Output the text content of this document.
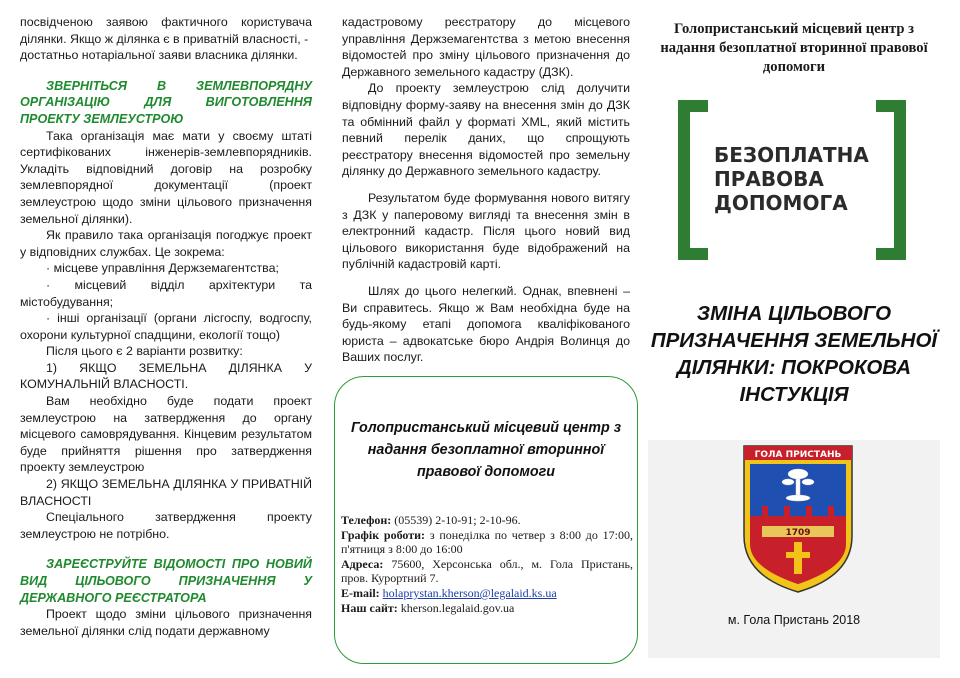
посвідченою заявою фактичного користувача

ділянки. Якщо ж ділянка є в приватній власності, -

достатньо нотаріальної заяви власника ділянки.

ЗВЕРНІТЬСЯ В ЗЕМЛЕВПОРЯДНУ ОРГАНІЗАЦІЮ ДЛЯ ВИГОТОВЛЕННЯ ПРОЕКТУ ЗЕМЛЕУСТРОЮ

Така організація має мати у своєму штаті сертифікованих інженерів-землевпорядників. Укладіть відповідний договір на розробку землевпорядної документації (проект землеустрою щодо зміни цільового призначення земельної ділянки).

Як правило така організація погоджує проект у відповідних службах. Це зокрема:

· місцеве управління Держземагентства;

· місцевий відділ архітектури та містобудування;

· інші організації (органи лісгоспу, водгоспу, охорони культурної спадщини, екології тощо)

Після цього є 2 варіанти розвитку:

1) ЯКЩО ЗЕМЕЛЬНА ДІЛЯНКА У КОМУНАЛЬНІЙ ВЛАСНОСТІ.

Вам необхідно буде подати проект землеустрою на затвердження до органу місцевого самоврядування. Кінцевим результатом буде прийняття рішення про затвердження проекту землеустрою

2) ЯКЩО ЗЕМЕЛЬНА ДІЛЯНКА У ПРИВАТНІЙ ВЛАСНОСТІ

Спеціального затвердження проекту землеустрою не потрібно.

ЗАРЕЄСТРУЙТЕ ВІДОМОСТІ ПРО НОВИЙ ВИД ЦІЛЬОВОГО ПРИЗНАЧЕННЯ У ДЕРЖАВНОГО РЕЄСТРАТОРА

Проект щодо зміни цільового призначення земельної ділянки слід подати державному

кадастровому реєстратору до місцевого управління Держземагентства з метою внесення відомостей про зміну цільового призначення до Державного земельного кадастру (ДЗК).

До проекту землеустрою слід долучити відповідну форму-заяву на внесення змін до ДЗК та обмінний файл у форматі XML, який містить певний перелік даних, що спрощують реєстратору внесення відомостей про земельну ділянку до Державного земельного кадастру.

Результатом буде формування нового витягу з ДЗК у паперовому вигляді та внесення змін в електронний кадастр. Після цього новий вид цільового використання буде відображений на публічній кадастровій карті.

Шлях до цього нелегкий. Однак, впевнені – Ви справитесь. Якщо ж Вам необхідна буде на будь-якому етапі допомога кваліфікованого юриста – адвокатське бюро Андрія Волинця до Ваших послуг.

Голопристанський місцевий центр з надання безоплатної вторинної правової допомоги
Телефон: (05539) 2-10-91; 2-10-96.
Графік роботи: з понеділка по четвер з 8:00 до 17:00, п'ятниця з 8:00 до 16:00
Адреса: 75600, Херсонська обл., м. Гола Пристань, пров. Курортний 7.
E-mail: holaprystan.kherson@legalaid.ks.ua
Наш сайт: kherson.legalaid.gov.ua
Голопристанський місцевий центр з надання безоплатної вторинної правової допомоги
БЕЗОПЛАТНА
ПРАВОВА
ДОПОМОГА
ЗМІНА ЦІЛЬОВОГО ПРИЗНАЧЕННЯ ЗЕМЕЛЬНОЇ ДІЛЯНКИ: ПОКРОКОВА ІНСТУКЦІЯ
ГОЛА ПРИСТАНЬ
1709
м. Гола Пристань 2018
